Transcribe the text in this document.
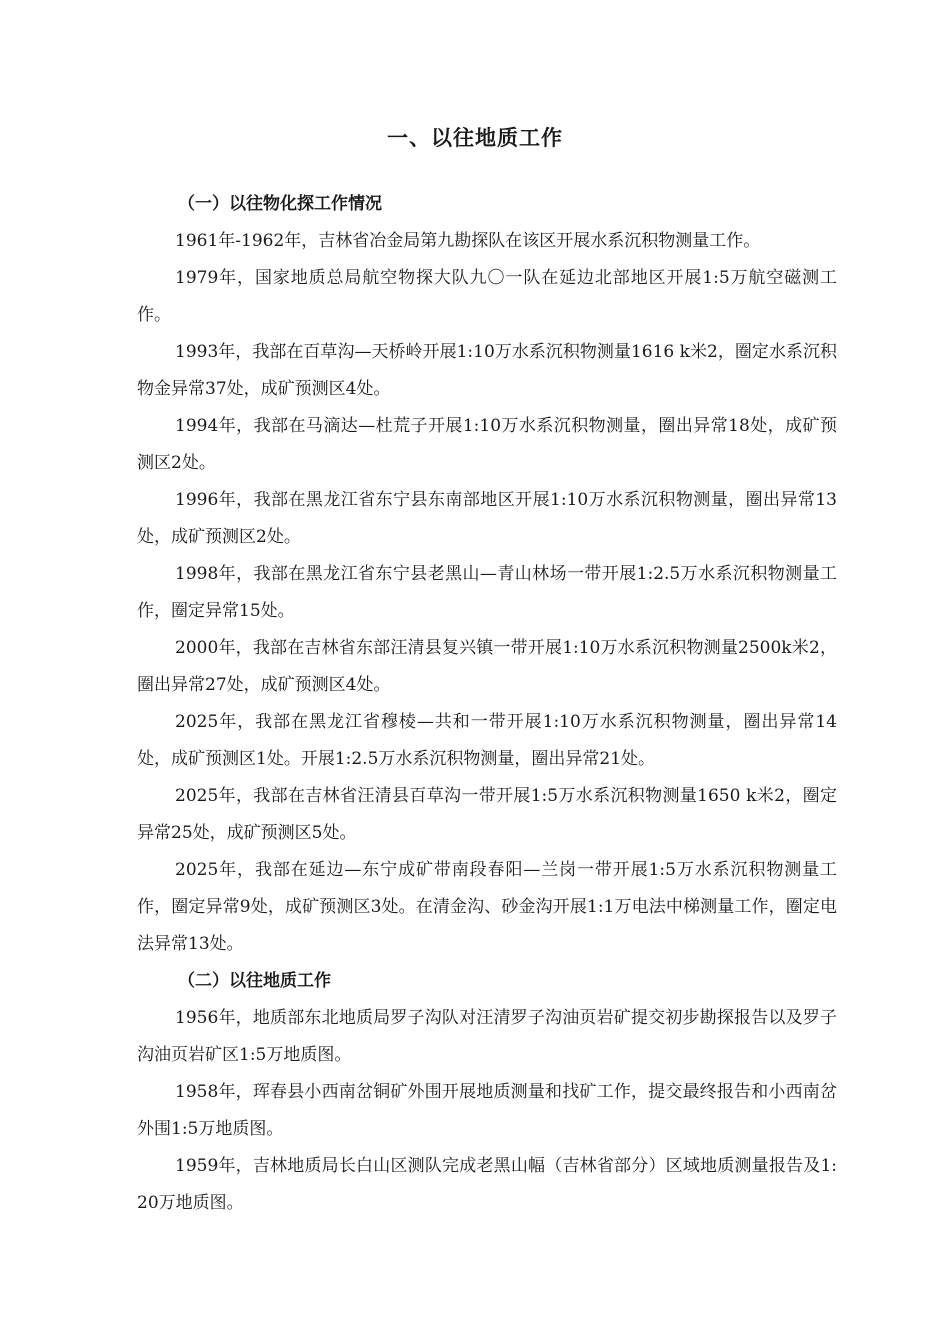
一、以往地质工作

（一）以往物化探工作情况

1961年-1962年，吉林省冶金局第九勘探队在该区开展水系沉积物测量工作。

1979年，国家地质总局航空物探大队九〇一队在延边北部地区开展1:5万航空磁测工作。

1993年，我部在百草沟—天桥岭开展1:10万水系沉积物测量1616 k米2，圈定水系沉积物金异常37处，成矿预测区4处。

1994年，我部在马滴达—杜荒子开展1:10万水系沉积物测量，圈出异常18处，成矿预测区2处。

1996年，我部在黑龙江省东宁县东南部地区开展1:10万水系沉积物测量，圈出异常13处，成矿预测区2处。

1998年，我部在黑龙江省东宁县老黑山—青山林场一带开展1:2.5万水系沉积物测量工作，圈定异常15处。

2000年，我部在吉林省东部汪清县复兴镇一带开展1:10万水系沉积物测量2500k米2，圈出异常27处，成矿预测区4处。

2025年，我部在黑龙江省穆棱—共和一带开展1:10万水系沉积物测量，圈出异常14处，成矿预测区1处。开展1:2.5万水系沉积物测量，圈出异常21处。

2025年，我部在吉林省汪清县百草沟一带开展1:5万水系沉积物测量1650 k米2，圈定异常25处，成矿预测区5处。

2025年，我部在延边—东宁成矿带南段春阳—兰岗一带开展1:5万水系沉积物测量工作，圈定异常9处，成矿预测区3处。在清金沟、砂金沟开展1:1万电法中梯测量工作，圈定电法异常13处。

（二）以往地质工作

1956年，地质部东北地质局罗子沟队对汪清罗子沟油页岩矿提交初步勘探报告以及罗子沟油页岩矿区1:5万地质图。

1958年，珲春县小西南岔铜矿外围开展地质测量和找矿工作，提交最终报告和小西南岔外围1:5万地质图。

1959年，吉林地质局长白山区测队完成老黑山幅（吉林省部分）区域地质测量报告及1:20万地质图。
